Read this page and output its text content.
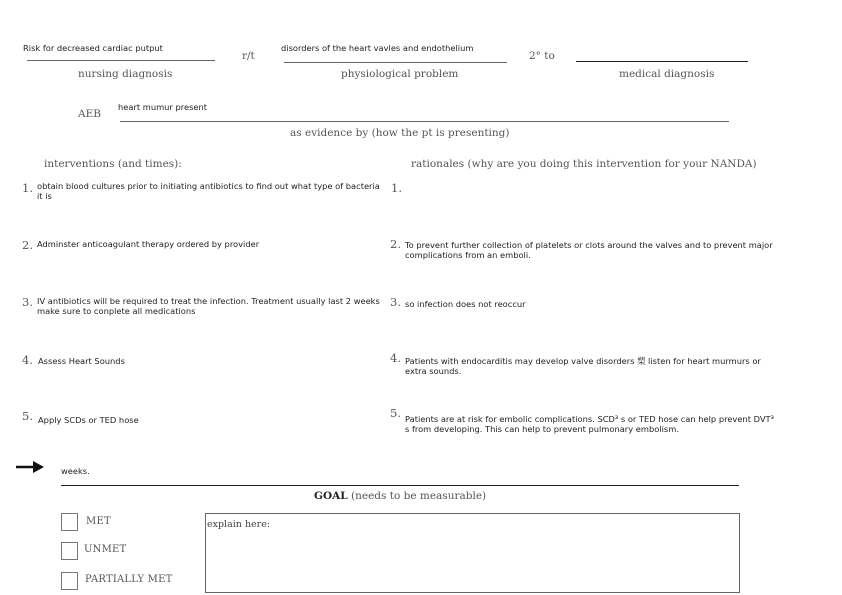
Risk for decreased cardiac putput
nursing diagnosis
r/t
disorders of the heart vavles and endothelium
physiological problem
2° to
medical diagnosis
AEB
heart mumur present
as evidence by (how the pt is presenting)
interventions (and times):	rationales (why are you doing this intervention for your NANDA)
1. obtain blood cultures prior to initiating antibiotics to find out what type of bacteria it is
2. Adminster anticoagulant therapy ordered by provider
3. IV antibiotics will be required to treat the infection. Treatment usually last 2 weeks make sure to conplete all medications
4. Assess Heart Sounds
5. Apply SCDs or TED hose
1.
2. To prevent further collection of platelets or clots around the valves and to prevent major complications from an emboli.
3. so infection does not reoccur
4. Patients with endocarditis may develop valve disorders 槊 listen for heart murmurs or extra sounds.
5. Patients are at risk for embolic complications. SCD³ s or TED hose can help prevent DVT³ s from developing. This can help to prevent pulmonary embolism.
weeks.
GOAL (needs to be measurable)
MET
UNMET
PARTIALLY MET
explain here:
